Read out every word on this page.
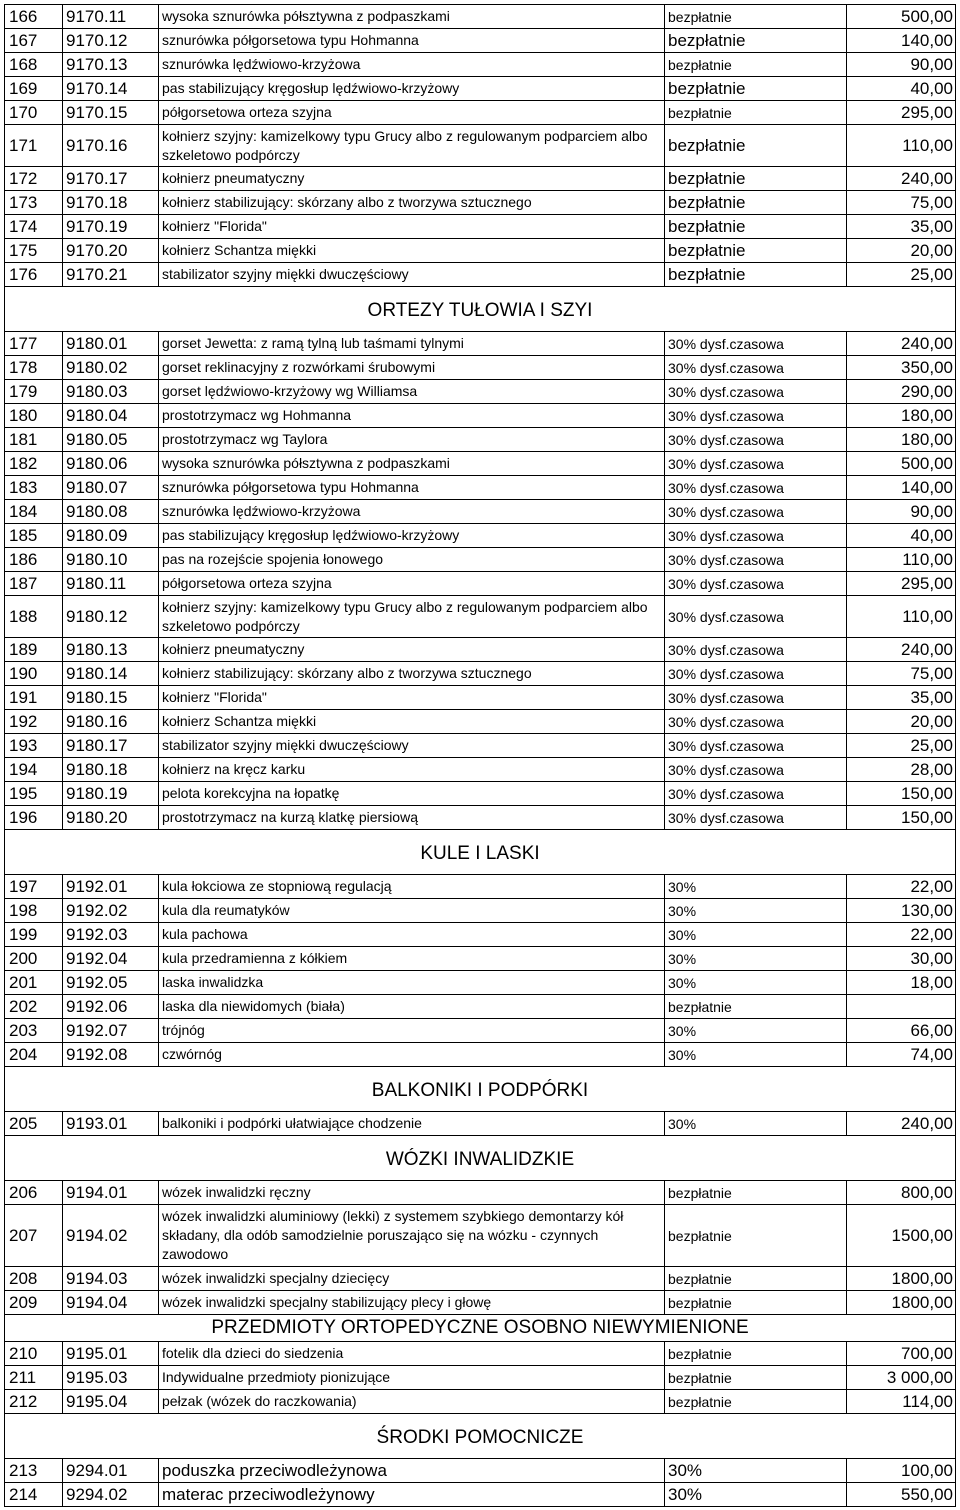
166	9170.11	wysoka sznurówka półsztywna z podpaszkami	bezpłatnie	500,00
167	9170.12	sznurówka półgorsetowa typu Hohmanna	bezpłatnie	140,00
168	9170.13	sznurówka lędźwiowo-krzyżowa	bezpłatnie	90,00
169	9170.14	pas stabilizujący kręgosłup lędźwiowo-krzyżowy	bezpłatnie	40,00
170	9170.15	półgorsetowa orteza szyjna	bezpłatnie	295,00
171	9170.16	kołnierz szyjny: kamizelkowy typu Grucy albo z regulowanym podparciem albo szkeletowo podpórczy	bezpłatnie	110,00
172	9170.17	kołnierz pneumatyczny	bezpłatnie	240,00
173	9170.18	kołnierz stabilizujący: skórzany albo z tworzywa sztucznego	bezpłatnie	75,00
174	9170.19	kołnierz "Florida"	bezpłatnie	35,00
175	9170.20	kołnierz Schantza miękki	bezpłatnie	20,00
176	9170.21	stabilizator szyjny miękki dwuczęściowy	bezpłatnie	25,00
ORTEZY TUŁOWIA I SZYI				
177	9180.01	gorset Jewetta: z ramą tylną lub taśmami tylnymi	30% dysf.czasowa	240,00
178	9180.02	gorset reklinacyjny z rozwórkami śrubowymi	30% dysf.czasowa	350,00
179	9180.03	gorset lędźwiowo-krzyżowy wg Williamsa	30% dysf.czasowa	290,00
180	9180.04	prostotrzymacz wg Hohmanna	30% dysf.czasowa	180,00
181	9180.05	prostotrzymacz wg Taylora	30% dysf.czasowa	180,00
182	9180.06	wysoka sznurówka półsztywna z podpaszkami	30% dysf.czasowa	500,00
183	9180.07	sznurówka półgorsetowa typu Hohmanna	30% dysf.czasowa	140,00
184	9180.08	sznurówka lędźwiowo-krzyżowa	30% dysf.czasowa	90,00
185	9180.09	pas stabilizujący kręgosłup lędźwiowo-krzyżowy	30% dysf.czasowa	40,00
186	9180.10	pas na rozejście spojenia łonowego	30% dysf.czasowa	110,00
187	9180.11	półgorsetowa orteza szyjna	30% dysf.czasowa	295,00
188	9180.12	kołnierz szyjny: kamizelkowy typu Grucy albo z regulowanym podparciem albo szkeletowo podpórczy	30% dysf.czasowa	110,00
189	9180.13	kołnierz pneumatyczny	30% dysf.czasowa	240,00
190	9180.14	kołnierz stabilizujący: skórzany albo z tworzywa sztucznego	30% dysf.czasowa	75,00
191	9180.15	kołnierz "Florida"	30% dysf.czasowa	35,00
192	9180.16	kołnierz Schantza miękki	30% dysf.czasowa	20,00
193	9180.17	stabilizator szyjny miękki dwuczęściowy	30% dysf.czasowa	25,00
194	9180.18	kołnierz na kręcz karku	30% dysf.czasowa	28,00
195	9180.19	pelota korekcyjna na łopatkę	30% dysf.czasowa	150,00
196	9180.20	prostotrzymacz na kurzą klatkę piersiową	30% dysf.czasowa	150,00
KULE I LASKI				
197	9192.01	kula łokciowa ze stopniową regulacją	30%	22,00
198	9192.02	kula dla reumatyków	30%	130,00
199	9192.03	kula pachowa	30%	22,00
200	9192.04	kula przedramienna z kółkiem	30%	30,00
201	9192.05	laska inwalidzka	30%	18,00
202	9192.06	laska dla niewidomych (biała)	bezpłatnie	
203	9192.07	trójnóg	30%	66,00
204	9192.08	czwórnóg	30%	74,00
BALKONIKI I PODPÓRKI				
205	9193.01	balkoniki i podpórki ułatwiające chodzenie	30%	240,00
WÓZKI INWALIDZKIE				
206	9194.01	wózek inwalidzki ręczny	bezpłatnie	800,00
207	9194.02	wózek inwalidzki aluminiowy (lekki) z systemem szybkiego demontarzy kół składany, dla odób samodzielnie poruszająco się na wózku - czynnych zawodowo	bezpłatnie	1500,00
208	9194.03	wózek inwalidzki specjalny dziecięcy	bezpłatnie	1800,00
209	9194.04	wózek inwalidzki specjalny stabilizujący plecy i głowę	bezpłatnie	1800,00
PRZEDMIOTY ORTOPEDYCZNE OSOBNO NIEWYMIENIONE				
210	9195.01	fotelik dla dzieci do siedzenia	bezpłatnie	700,00
211	9195.03	Indywidualne przedmioty pionizujące	bezpłatnie	3 000,00
212	9195.04	pełzak (wózek do raczkowania)	bezpłatnie	114,00
ŚRODKI POMOCNICZE				
213	9294.01	poduszka przeciwodleżynowa	30%	100,00
214	9294.02	materac przeciwodleżynowy	30%	550,00
